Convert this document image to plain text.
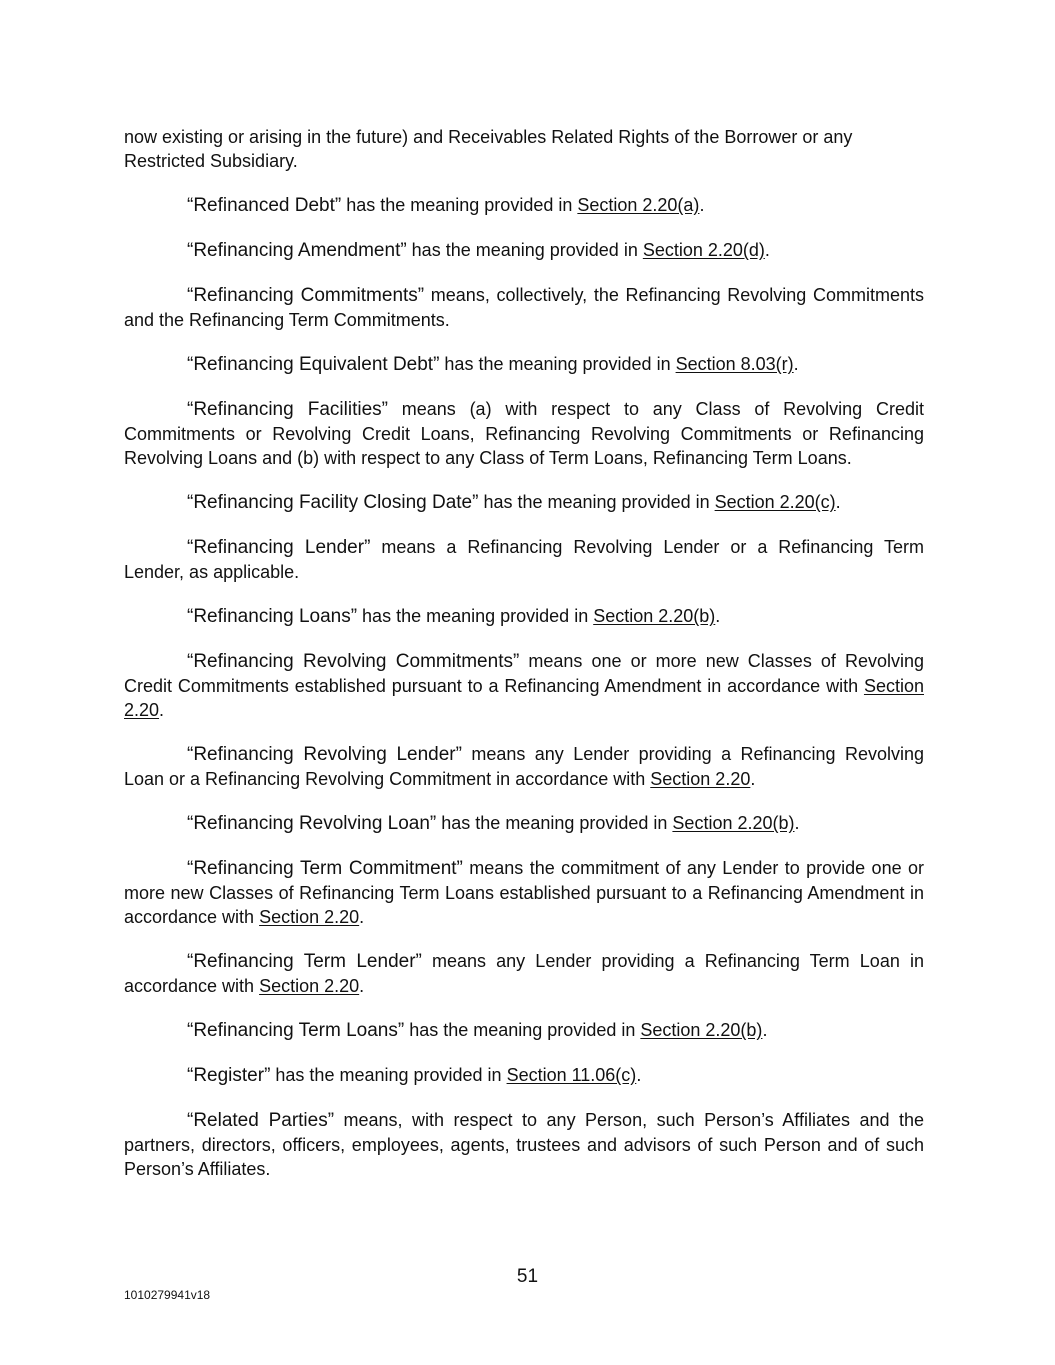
now existing or arising in the future) and Receivables Related Rights of the Borrower or any Restricted Subsidiary.

“Refinanced Debt” has the meaning provided in Section 2.20(a).

“Refinancing Amendment” has the meaning provided in Section 2.20(d).

“Refinancing Commitments” means, collectively, the Refinancing Revolving Commitments and the Refinancing Term Commitments.

“Refinancing Equivalent Debt” has the meaning provided in Section 8.03(r).

“Refinancing Facilities” means (a) with respect to any Class of Revolving Credit Commitments or Revolving Credit Loans, Refinancing Revolving Commitments or Refinancing Revolving Loans and (b) with respect to any Class of Term Loans, Refinancing Term Loans.

“Refinancing Facility Closing Date” has the meaning provided in Section 2.20(c).

“Refinancing Lender” means a Refinancing Revolving Lender or a Refinancing Term Lender, as applicable.

“Refinancing Loans” has the meaning provided in Section 2.20(b).

“Refinancing Revolving Commitments” means one or more new Classes of Revolving Credit Commitments established pursuant to a Refinancing Amendment in accordance with Section 2.20.

“Refinancing Revolving Lender” means any Lender providing a Refinancing Revolving Loan or a Refinancing Revolving Commitment in accordance with Section 2.20.

“Refinancing Revolving Loan” has the meaning provided in Section 2.20(b).

“Refinancing Term Commitment” means the commitment of any Lender to provide one or more new Classes of Refinancing Term Loans established pursuant to a Refinancing Amendment in accordance with Section 2.20.

“Refinancing Term Lender” means any Lender providing a Refinancing Term Loan in accordance with Section 2.20.

“Refinancing Term Loans” has the meaning provided in Section 2.20(b).

“Register” has the meaning provided in Section 11.06(c).

“Related Parties” means, with respect to any Person, such Person’s Affiliates and the partners, directors, officers, employees, agents, trustees and advisors of such Person and of such Person’s Affiliates.

51
1010279941v18
